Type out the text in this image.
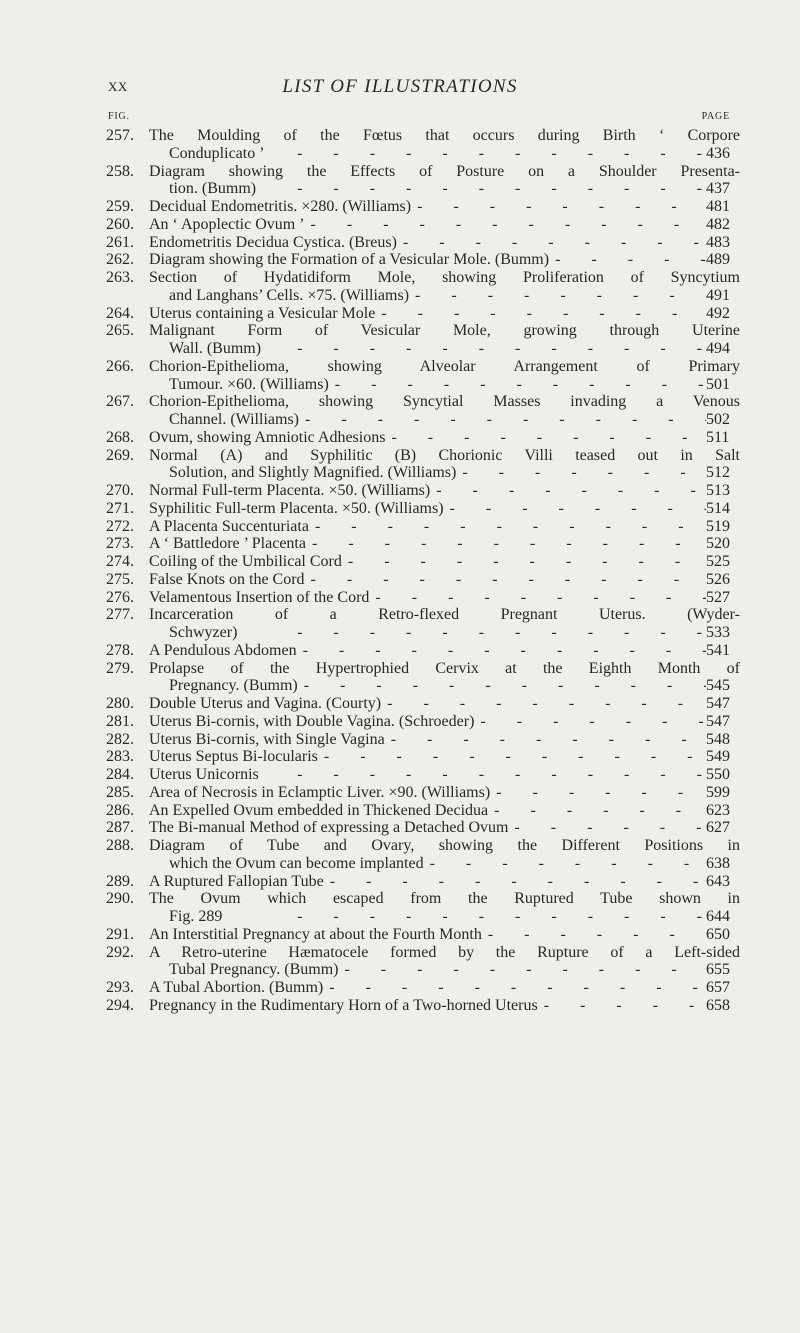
XX	LIST OF ILLUSTRATIONS
FIG.	PAGE
257. The Moulding of the Fœtus that occurs during Birth ‘ Corpore
Conduplicato ’ -	436
258. Diagram showing the Effects of Posture on a Shoulder Presenta-
tion. (Bumm) -	437
259. Decidual Endometritis. ×280. (Williams) -	481
260. An ‘ Apoplectic Ovum ’ -	482
261. Endometritis Decidua Cystica. (Breus) -	483
262. Diagram showing the Formation of a Vesicular Mole. (Bumm) -	489
263. Section of Hydatidiform Mole, showing Proliferation of Syncytium
and Langhans’ Cells. ×75. (Williams) -	491
264. Uterus containing a Vesicular Mole -	492
265. Malignant Form of Vesicular Mole, growing through Uterine
Wall. (Bumm) -	494
266. Chorion-Epithelioma, showing Alveolar Arrangement of Primary
Tumour. ×60. (Williams) -	501
267. Chorion-Epithelioma, showing Syncytial Masses invading a Venous
Channel. (Williams) -	502
268. Ovum, showing Amniotic Adhesions -	511
269. Normal (A) and Syphilitic (B) Chorionic Villi teased out in Salt
Solution, and Slightly Magnified. (Williams) -	512
270. Normal Full-term Placenta. ×50. (Williams) -	513
271. Syphilitic Full-term Placenta. ×50. (Williams) -	514
272. A Placenta Succenturiata -	519
273. A ‘ Battledore ’ Placenta -	520
274. Coiling of the Umbilical Cord -	525
275. False Knots on the Cord -	526
276. Velamentous Insertion of the Cord -	527
277. Incarceration of a Retro-flexed Pregnant Uterus. (Wyder-
Schwyzer) -	533
278. A Pendulous Abdomen -	541
279. Prolapse of the Hypertrophied Cervix at the Eighth Month of
Pregnancy. (Bumm) -	545
280. Double Uterus and Vagina. (Courty) -	547
281. Uterus Bi-cornis, with Double Vagina. (Schroeder) -	547
282. Uterus Bi-cornis, with Single Vagina -	548
283. Uterus Septus Bi-locularis -	549
284. Uterus Unicornis -	550
285. Area of Necrosis in Eclamptic Liver. ×90. (Williams) -	599
286. An Expelled Ovum embedded in Thickened Decidua -	623
287. The Bi-manual Method of expressing a Detached Ovum -	627
288. Diagram of Tube and Ovary, showing the Different Positions in
which the Ovum can become implanted -	638
289. A Ruptured Fallopian Tube -	643
290. The Ovum which escaped from the Ruptured Tube shown in
Fig. 289 -	644
291. An Interstitial Pregnancy at about the Fourth Month -	650
292. A Retro-uterine Hæmatocele formed by the Rupture of a Left-sided
Tubal Pregnancy. (Bumm) -	655
293. A Tubal Abortion. (Bumm) -	657
294. Pregnancy in the Rudimentary Horn of a Two-horned Uterus -	658
